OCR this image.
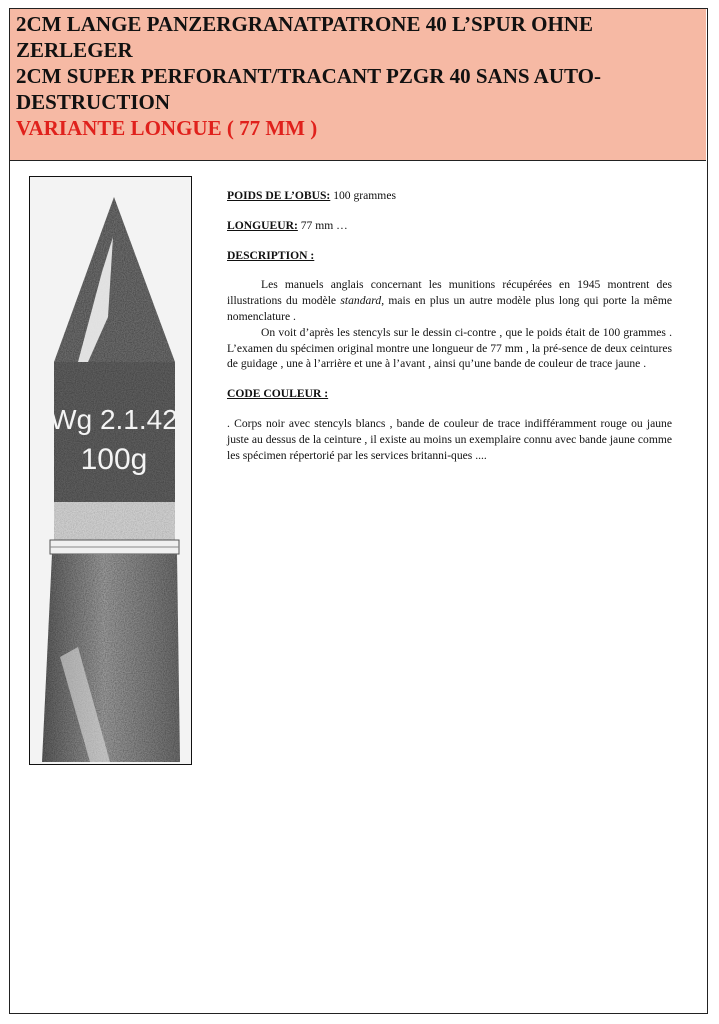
2CM LANGE PANZERGRANATPATRONE 40 L’SPUR OHNE

ZERLEGER

2CM SUPER PERFORANT/TRACANT PZGR 40 SANS AUTO-

DESTRUCTION

VARIANTE LONGUE ( 77 MM )

Wg 2.1.42
100g

POIDS DE L’OBUS: 100 grammes

LONGUEUR: 77 mm …

DESCRIPTION :

Les manuels anglais concernant les munitions récupérées en 1945 montrent des illustrations du modèle standard, mais en plus un autre modèle plus long qui porte la même nomenclature .

On voit d’après les stencyls sur le dessin ci-contre , que le poids était de 100 grammes . L’examen du spécimen original montre une longueur de 77 mm , la pré-sence de deux ceintures de guidage , une à l’arrière et une à l’avant , ainsi qu’une bande de couleur de trace jaune .

CODE COULEUR :

. Corps noir avec stencyls blancs , bande de couleur de trace indifféramment rouge ou jaune juste au dessus de la ceinture , il existe au moins un exemplaire connu avec bande jaune comme les spécimen répertorié par les services britanni-ques ....
